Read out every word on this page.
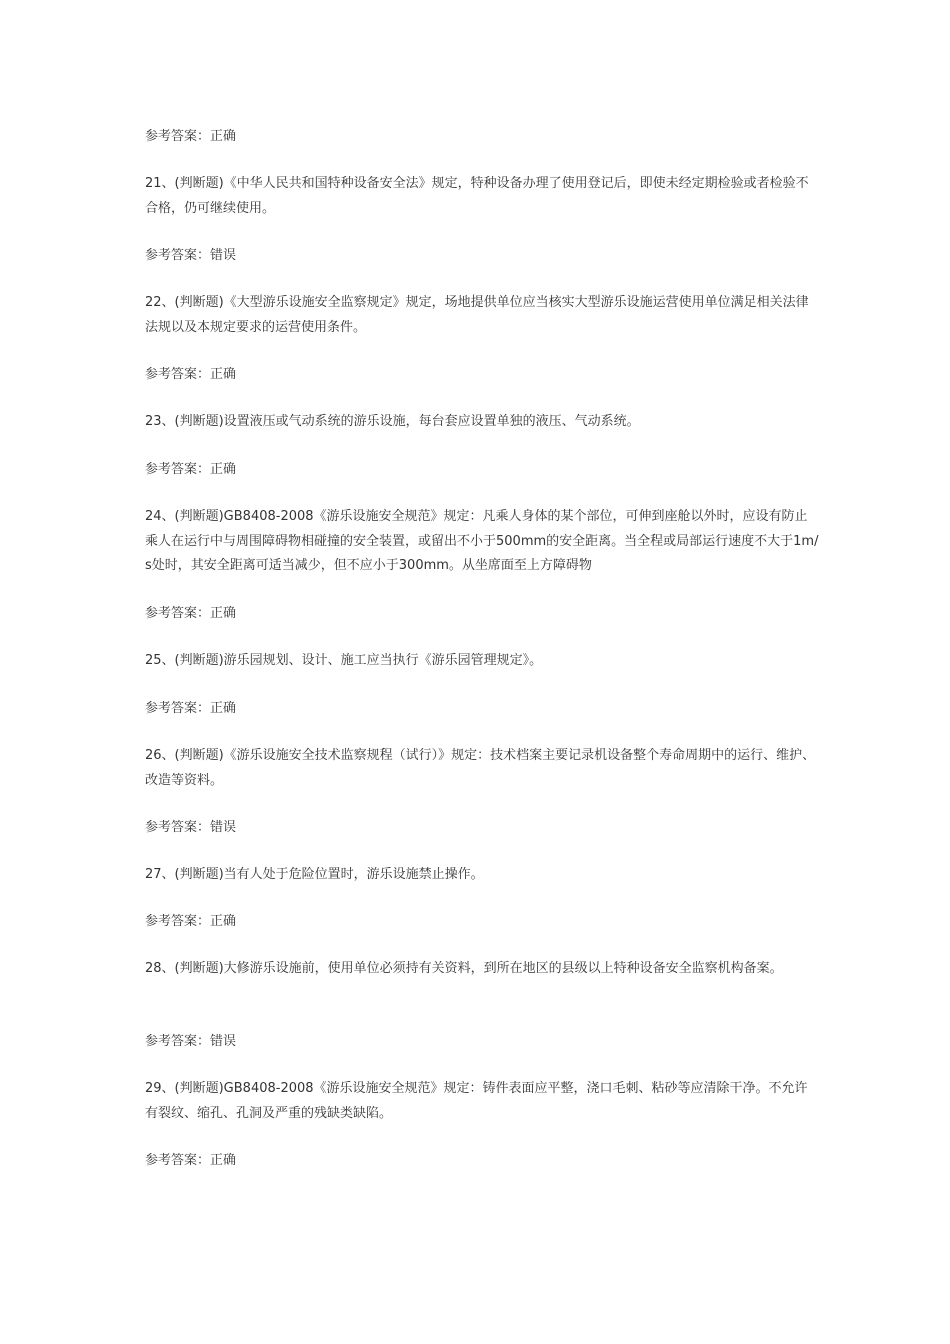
参考答案：正确

21、(判断题)《中华人民共和国特种设备安全法》规定，特种设备办理了使用登记后，即使未经定期检验或者检验不合格，仍可继续使用。

参考答案：错误

22、(判断题)《大型游乐设施安全监察规定》规定，场地提供单位应当核实大型游乐设施运营使用单位满足相关法律法规以及本规定要求的运营使用条件。

参考答案：正确

23、(判断题)设置液压或气动系统的游乐设施，每台套应设置单独的液压、气动系统。

参考答案：正确

24、(判断题)GB8408-2008《游乐设施安全规范》规定：凡乘人身体的某个部位，可伸到座舱以外时，应设有防止乘人在运行中与周围障碍物相碰撞的安全装置，或留出不小于500mm的安全距离。当全程或局部运行速度不大于1m/s处时，其安全距离可适当减少，但不应小于300mm。从坐席面至上方障碍物

参考答案：正确

25、(判断题)游乐园规划、设计、施工应当执行《游乐园管理规定》。

参考答案：正确

26、(判断题)《游乐设施安全技术监察规程（试行）》规定：技术档案主要记录机设备整个寿命周期中的运行、维护、改造等资料。

参考答案：错误

27、(判断题)当有人处于危险位置时，游乐设施禁止操作。

参考答案：正确

28、(判断题)大修游乐设施前，使用单位必须持有关资料，到所在地区的县级以上特种设备安全监察机构备案。

参考答案：错误

29、(判断题)GB8408-2008《游乐设施安全规范》规定：铸件表面应平整，浇口毛刺、粘砂等应清除干净。不允许有裂纹、缩孔、孔洞及严重的残缺类缺陷。

参考答案：正确
